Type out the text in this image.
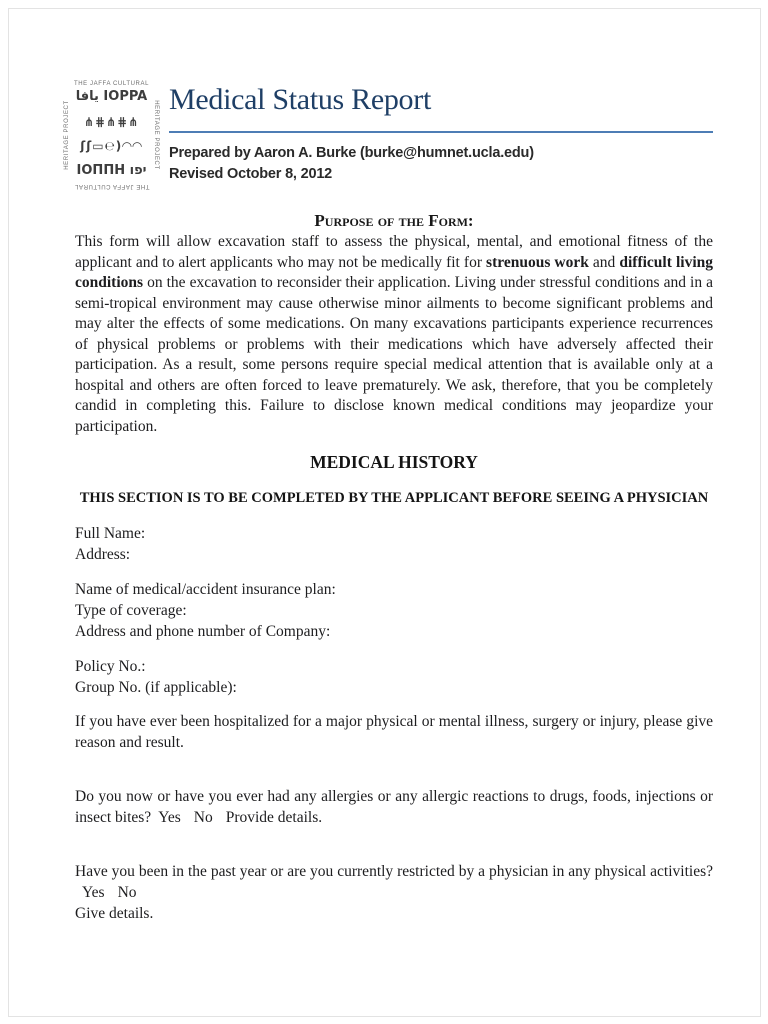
THE JAFFA CULTURAL
HERITAGE PROJECT	HERITAGE PROJECT
THE JAFFA CULTURAL
يافا IOPPA
⋔⋕⋔⋕⋔
ʃʃ▭℮)◠◠
ΙΟΠΠΗ יפו
Medical Status Report

Prepared by Aaron A. Burke (burke@humnet.ucla.edu)

Revised October 8, 2012

Purpose of the Form:

This form will allow excavation staff to assess the physical, mental, and emotional fitness of the applicant and to alert applicants who may not be medically fit for strenuous work and difficult living conditions on the excavation to reconsider their application. Living under stressful conditions and in a semi-tropical environment may cause otherwise minor ailments to become significant problems and may alter the effects of some medications. On many excavations participants experience recurrences of physical problems or problems with their medications which have adversely affected their participation. As a result, some persons require special medical attention that is available only at a hospital and others are often forced to leave prematurely. We ask, therefore, that you be completely candid in completing this. Failure to disclose known medical conditions may jeopardize your participation.

MEDICAL HISTORY
THIS SECTION IS TO BE COMPLETED BY THE APPLICANT BEFORE SEEING A PHYSICIAN

Full Name:

Address:

Name of medical/accident insurance plan:

Type of coverage:

Address and phone number of Company:

Policy No.:

Group No. (if applicable):

If you have ever been hospitalized for a major physical or mental illness, surgery or injury, please give reason and result.

Do you now or have you ever had any allergies or any allergic reactions to drugs, foods, injections or insect bites? Yes No Provide details.

Have you been in the past year or are you currently restricted by a physician in any physical activities?Yes No
Give details.
